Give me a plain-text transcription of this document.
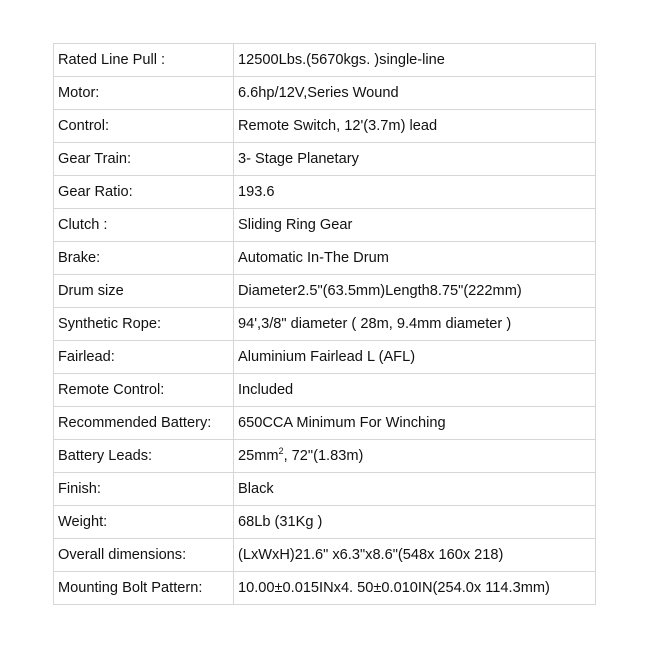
Rated Line Pull :	12500Lbs.(5670kgs. )single-line
Motor:	6.6hp/12V,Series Wound
Control:	Remote Switch, 12'(3.7m) lead
Gear Train:	3- Stage Planetary
Gear Ratio:	193.6
Clutch :	Sliding Ring Gear
Brake:	Automatic In-The Drum
Drum size	Diameter2.5"(63.5mm)Length8.75"(222mm)
Synthetic Rope:	94',3/8" diameter ( 28m, 9.4mm diameter )
Fairlead:	Aluminium Fairlead L (AFL)
Remote Control:	Included
Recommended Battery:	650CCA Minimum For Winching
Battery Leads:	$25mm^2$, 72"(1.83m)
Finish:	Black
Weight:	68Lb (31Kg )
Overall dimensions:	(LxWxH)21.6" x6.3"x8.6"(548x 160x 218)
Mounting Bolt Pattern:	10.00±0.015INx4. 50±0.010IN(254.0x 114.3mm)
